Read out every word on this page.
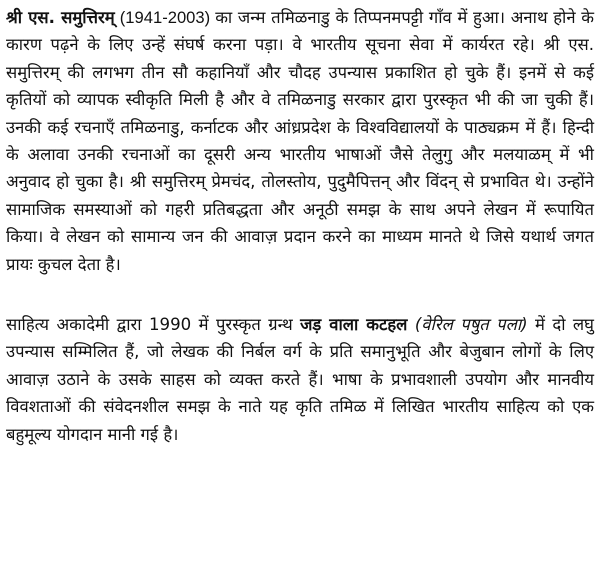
श्री एस. समुत्तिरम् (1941-2003) का जन्म तमिळनाडु के तिप्पनमपट्टी गाँव में हुआ। अनाथ होने के कारण पढ़ने के लिए उन्हें संघर्ष करना पड़ा। वे भारतीय सूचना सेवा में कार्यरत रहे। श्री एस. समुत्तिरम् की लगभग तीन सौ कहानियाँ और चौदह उपन्यास प्रकाशित हो चुके हैं। इनमें से कई कृतियों को व्यापक स्वीकृति मिली है और वे तमिळनाडु सरकार द्वारा पुरस्कृत भी की जा चुकी हैं। उनकी कई रचनाएँ तमिळनाडु, कर्नाटक और आंध्रप्रदेश के विश्वविद्यालयों के पाठ्यक्रम में हैं। हिन्दी के अलावा उनकी रचनाओं का दूसरी अन्य भारतीय भाषाओं जैसे तेलुगु और मलयाळम् में भी अनुवाद हो चुका है। श्री समुत्तिरम् प्रेमचंद, तोलस्तोय, पुदुमैपित्तन् और विंदन् से प्रभावित थे। उन्होंने सामाजिक समस्याओं को गहरी प्रतिबद्धता और अनूठी समझ के साथ अपने लेखन में रूपायित किया। वे लेखन को सामान्य जन की आवाज़ प्रदान करने का माध्यम मानते थे जिसे यथार्थ जगत प्रायः कुचल देता है।

साहित्य अकादेमी द्वारा 1990 में पुरस्कृत ग्रन्थ जड़ वाला कटहल (वेरिल पषुत पला) में दो लघु उपन्यास सम्मिलित हैं, जो लेखक की निर्बल वर्ग के प्रति समानुभूति और बेजुबान लोगों के लिए आवाज़ उठाने के उसके साहस को व्यक्त करते हैं। भाषा के प्रभावशाली उपयोग और मानवीय विवशताओं की संवेदनशील समझ के नाते यह कृति तमिळ में लिखित भारतीय साहित्य को एक बहुमूल्य योगदान मानी गई है।
